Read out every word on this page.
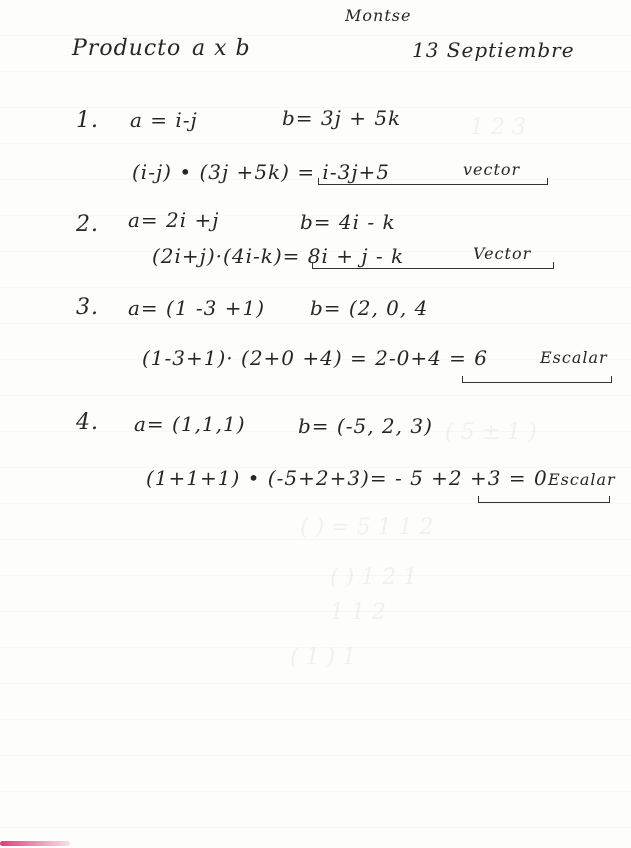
1 2 3
( 5 ± 1 )
( ) = 5 1 1 2
( ) 1 2 1
1 1 2
( 1 ) 1
Montse
Producto a x b	13 Septiembre
1. a = i-j	b= 3j + 5k
(i-j) • (3j +5k) = i-3j+5	vector
2. a= 2i +j	b= 4i - k
(2i+j)·(4i-k)= 8i + j - k	Vector
3. a= (1 -3 +1) b= (2, 0, 4
(1-3+1)· (2+0 +4) = 2-0+4 = 6	Escalar
4. a= (1,1,1)	b= (-5, 2, 3)
(1+1+1) • (-5+2+3)= - 5 +2 +3 = 0 Escalar
